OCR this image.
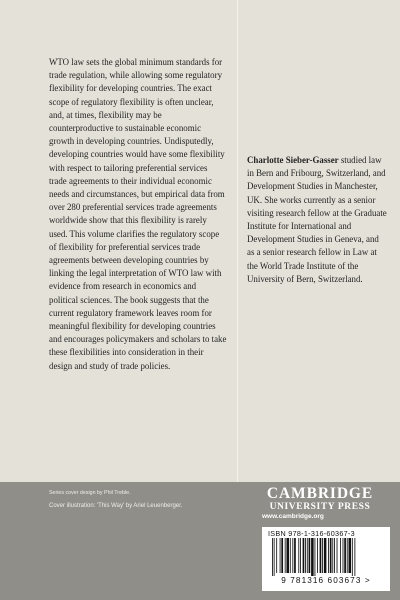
WTO law sets the global minimum standards for trade regulation, while allowing some regulatory flexibility for developing countries. The exact scope of regulatory flexibility is often unclear, and, at times, flexibility may be counterproductive to sustainable economic growth in developing countries. Undisputedly, developing countries would have some flexibility with respect to tailoring preferential services trade agreements to their individual economic needs and circumstances, but empirical data from over 280 preferential services trade agreements worldwide show that this flexibility is rarely used. This volume clarifies the regulatory scope of flexibility for preferential services trade agreements between developing countries by linking the legal interpretation of WTO law with evidence from research in economics and political sciences. The book suggests that the current regulatory framework leaves room for meaningful flexibility for developing countries and encourages policymakers and scholars to take these flexibilities into consideration in their design and study of trade policies.
Charlotte Sieber-Gasser studied law in Bern and Fribourg, Switzerland, and Development Studies in Manchester, UK. She works currently as a senior visiting research fellow at the Graduate Institute for International and Development Studies in Geneva, and as a senior research fellow in Law at the World Trade Institute of the University of Bern, Switzerland.
Series cover design by Phil Treble.
Cover illustration: 'This Way' by Ariel Leuenberger.
CAMBRIDGE
UNIVERSITY PRESS
www.cambridge.org
ISBN 978-1-316-60367-3
9 781316 603673 >
